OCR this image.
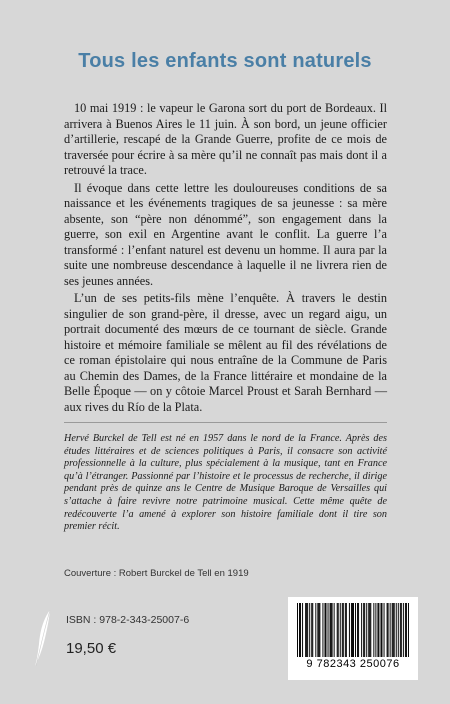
Tous les enfants sont naturels

10 mai 1919 : le vapeur le Garona sort du port de Bordeaux. Il arrivera à Buenos Aires le 11 juin. À son bord, un jeune officier d’artillerie, rescapé de la Grande Guerre, profite de ce mois de traversée pour écrire à sa mère qu’il ne connaît pas mais dont il a retrouvé la trace.

Il évoque dans cette lettre les douloureuses conditions de sa naissance et les événements tragiques de sa jeunesse : sa mère absente, son “père non dénommé”, son engagement dans la guerre, son exil en Argentine avant le conflit. La guerre l’a transformé : l’enfant naturel est devenu un homme. Il aura par la suite une nombreuse descendance à laquelle il ne livrera rien de ses jeunes années.

L’un de ses petits-fils mène l’enquête. À travers le destin singulier de son grand-père, il dresse, avec un regard aigu, un portrait documenté des mœurs de ce tournant de siècle. Grande histoire et mémoire familiale se mêlent au fil des révélations de ce roman épistolaire qui nous entraîne de la Commune de Paris au Chemin des Dames, de la France littéraire et mondaine de la Belle Époque — on y côtoie Marcel Proust et Sarah Bernhard — aux rives du Río de la Plata.

Hervé Burckel de Tell est né en 1957 dans le nord de la France. Après des études littéraires et de sciences politiques à Paris, il consacre son activité professionnelle à la culture, plus spécialement à la musique, tant en France qu’à l’étranger. Passionné par l’histoire et le processus de recherche, il dirige pendant près de quinze ans le Centre de Musique Baroque de Versailles qui s’attache à faire revivre notre patrimoine musical. Cette même quête de redécouverte l’a amené à explorer son histoire familiale dont il tire son premier récit.

Couverture : Robert Burckel de Tell en 1919
ISBN : 978-2-343-25007-6
19,50 €
9 782343 250076
